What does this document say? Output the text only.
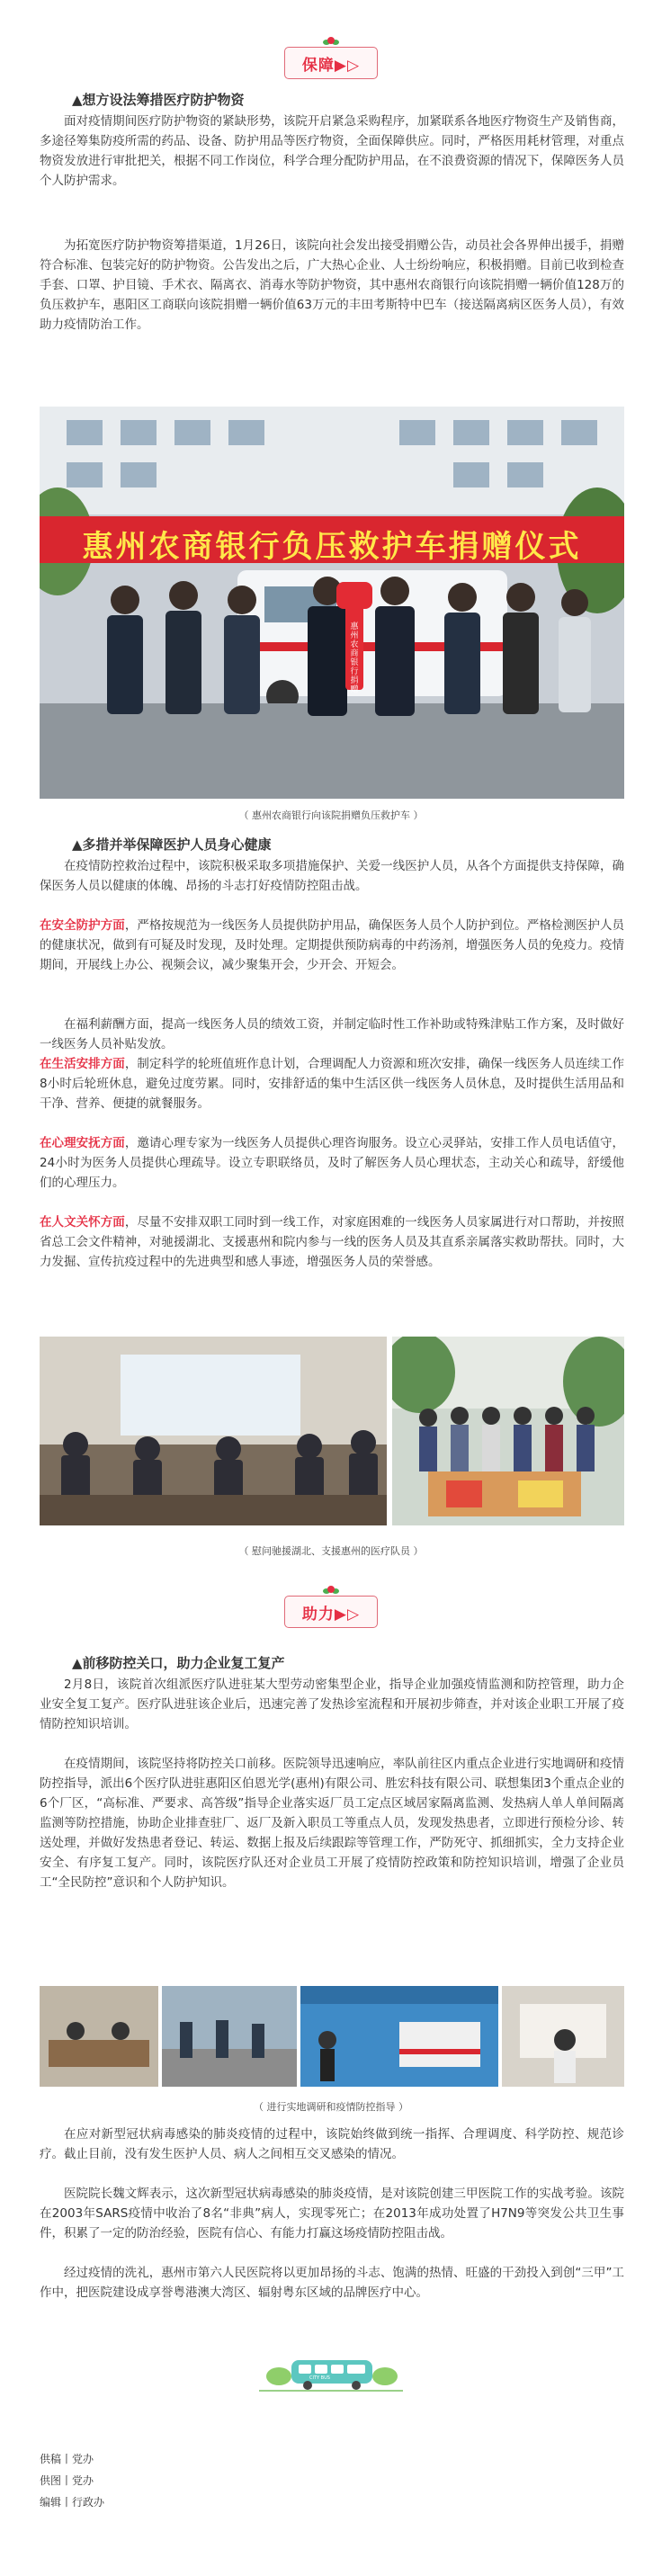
保障▶▷
▲想方设法筹措医疗防护物资

面对疫情期间医疗防护物资的紧缺形势，该院开启紧急采购程序，加紧联系各地医疗物资生产及销售商，多途径筹集防疫所需的药品、设备、防护用品等医疗物资，全面保障供应。同时，严格医用耗材管理，对重点物资发放进行审批把关，根据不同工作岗位，科学合理分配防护用品，在不浪费资源的情况下，保障医务人员个人防护需求。

为拓宽医疗防护物资筹措渠道，1月26日，该院向社会发出接受捐赠公告，动员社会各界伸出援手，捐赠符合标准、包装完好的防护物资。公告发出之后，广大热心企业、人士纷纷响应，积极捐赠。目前已收到检查手套、口罩、护目镜、手术衣、隔离衣、消毒水等防护物资，其中惠州农商银行向该院捐赠一辆价值128万的负压救护车，惠阳区工商联向该院捐赠一辆价值63万元的丰田考斯特中巴车（接送隔离病区医务人员），有效助力疫情防治工作。

惠州农商银行负压救护车捐赠仪式
惠州农商银行捐赠
（ 惠州农商银行向该院捐赠负压救护车 ）
▲多措并举保障医护人员身心健康

在疫情防控救治过程中，该院积极采取多项措施保护、关爱一线医护人员，从各个方面提供支持保障，确保医务人员以健康的体魄、昂扬的斗志打好疫情防控阻击战。

在安全防护方面，严格按规范为一线医务人员提供防护用品，确保医务人员个人防护到位。严格检测医护人员的健康状况，做到有可疑及时发现，及时处理。定期提供预防病毒的中药汤剂，增强医务人员的免疫力。疫情期间，开展线上办公、视频会议，减少聚集开会，少开会、开短会。

在福利薪酬方面，提高一线医务人员的绩效工资，并制定临时性工作补助或特殊津贴工作方案，及时做好一线医务人员补贴发放。

在生活安排方面，制定科学的轮班值班作息计划，合理调配人力资源和班次安排，确保一线医务人员连续工作8小时后轮班休息，避免过度劳累。同时，安排舒适的集中生活区供一线医务人员休息，及时提供生活用品和干净、营养、便捷的就餐服务。

在心理安抚方面，邀请心理专家为一线医务人员提供心理咨询服务。设立心灵驿站，安排工作人员电话值守，24小时为医务人员提供心理疏导。设立专职联络员，及时了解医务人员心理状态，主动关心和疏导，舒缓他们的心理压力。

在人文关怀方面，尽量不安排双职工同时到一线工作，对家庭困难的一线医务人员家属进行对口帮助，并按照省总工会文件精神，对驰援湖北、支援惠州和院内参与一线的医务人员及其直系亲属落实救助帮扶。同时，大力发掘、宣传抗疫过程中的先进典型和感人事迹，增强医务人员的荣誉感。

（ 慰问驰援湖北、支援惠州的医疗队员 ）
助力▶▷
▲前移防控关口，助力企业复工复产

2月8日，该院首次组派医疗队进驻某大型劳动密集型企业，指导企业加强疫情监测和防控管理，助力企业安全复工复产。医疗队进驻该企业后，迅速完善了发热诊室流程和开展初步筛查，并对该企业职工开展了疫情防控知识培训。

在疫情期间，该院坚持将防控关口前移。医院领导迅速响应，率队前往区内重点企业进行实地调研和疫情防控指导，派出6个医疗队进驻惠阳区伯恩光学(惠州)有限公司、胜宏科技有限公司、联想集团3个重点企业的6个厂区，“高标准、严要求、高答级”指导企业落实返厂员工定点区域居家隔离监测、发热病人单人单间隔离监测等防控措施，协助企业排查驻厂、返厂及新入职员工等重点人员，发现发热患者，立即进行预检分诊、转送处理，并做好发热患者登记、转运、数据上报及后续跟踪等管理工作，严防死守、抓细抓实，全力支持企业安全、有序复工复产。同时，该院医疗队还对企业员工开展了疫情防控政策和防控知识培训，增强了企业员工“全民防控”意识和个人防护知识。

（ 进行实地调研和疫情防控指导 ）

在应对新型冠状病毒感染的肺炎疫情的过程中，该院始终做到统一指挥、合理调度、科学防控、规范诊疗。截止目前，没有发生医护人员、病人之间相互交叉感染的情况。

医院院长魏文辉表示，这次新型冠状病毒感染的肺炎疫情，是对该院创建三甲医院工作的实战考验。该院在2003年SARS疫情中收治了8名“非典”病人，实现零死亡；在2013年成功处置了H7N9等突发公共卫生事件，积累了一定的防治经验，医院有信心、有能力打赢这场疫情防控阻击战。

经过疫情的洗礼，惠州市第六人民医院将以更加昂扬的斗志、饱满的热情、旺盛的干劲投入到创“三甲”工作中，把医院建设成享誉粤港澳大湾区、辐射粤东区域的品牌医疗中心。

CITY BUS
供稿丨党办
供图丨党办
编辑丨行政办
